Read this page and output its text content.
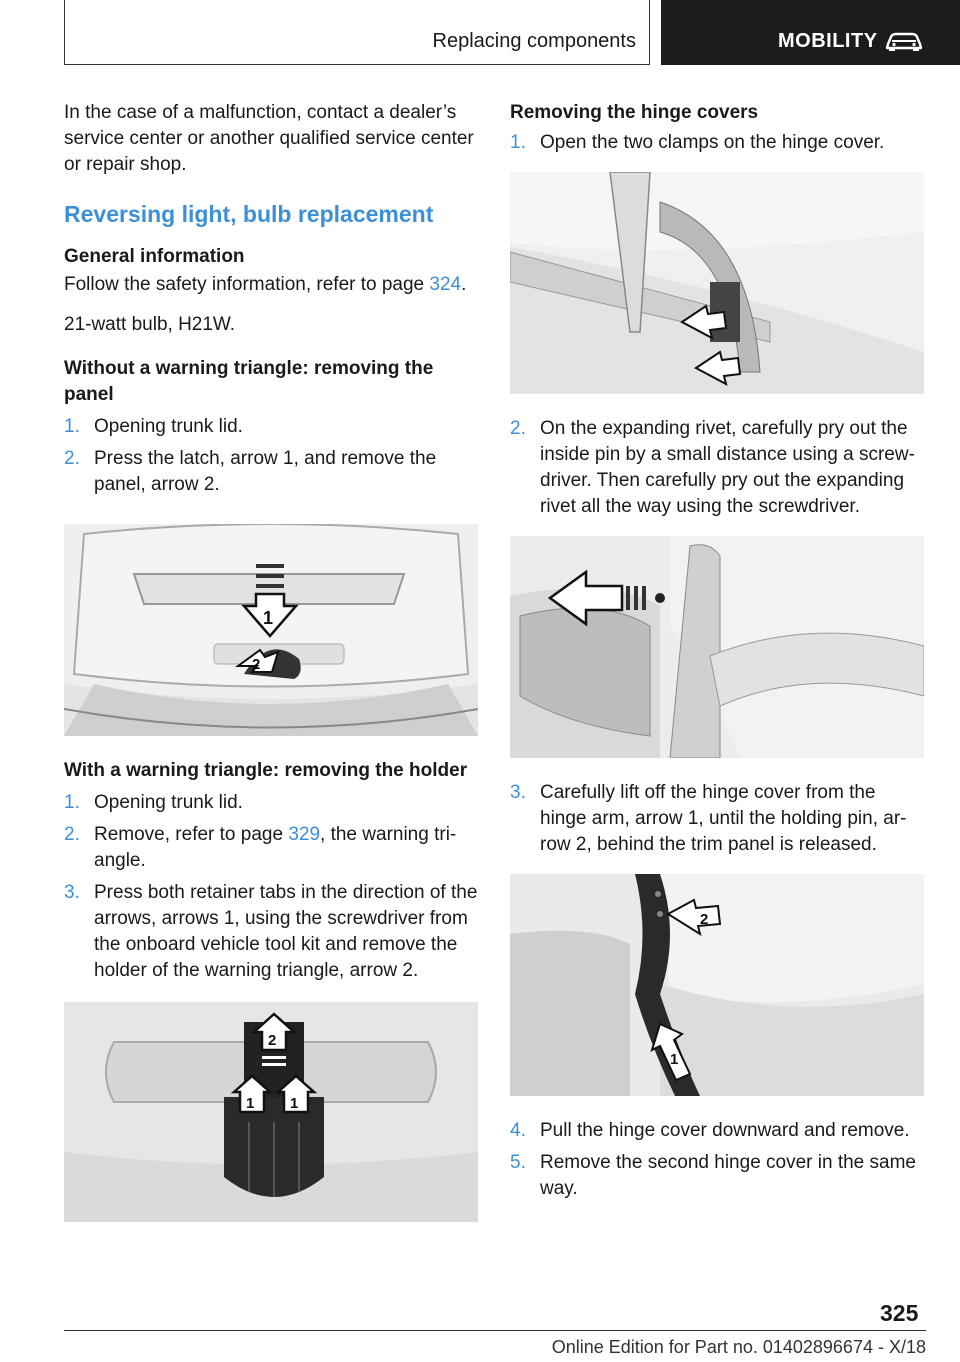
Replacing components	MOBILITY

In the case of a malfunction, contact a dealer’s service center or another qualified service center or repair shop.

Reversing light, bulb replacement
General information

Follow the safety information, refer to page 324.

21-watt bulb, H21W.

Without a warning triangle: removing the panel
1. Opening trunk lid.
2. Press the latch, arrow 1, and remove the panel, arrow 2.
1
2
With a warning triangle: removing the holder
1. Opening trunk lid.
2. Remove, refer to page 329, the warning tri‐angle.
3. Press both retainer tabs in the direction of the arrows, arrows 1, using the screwdriver from the onboard vehicle tool kit and remove the holder of the warning triangle, arrow 2.
2
1 1
Removing the hinge covers
1. Open the two clamps on the hinge cover.
2. On the expanding rivet, carefully pry out the inside pin by a small distance using a screw‐driver. Then carefully pry out the expanding rivet all the way using the screwdriver.
3. Carefully lift off the hinge cover from the hinge arm, arrow 1, until the holding pin, ar‐row 2, behind the trim panel is released.
2
1
4. Pull the hinge cover downward and remove.
5. Remove the second hinge cover in the same way.
325
Online Edition for Part no. 01402896674 - X/18
